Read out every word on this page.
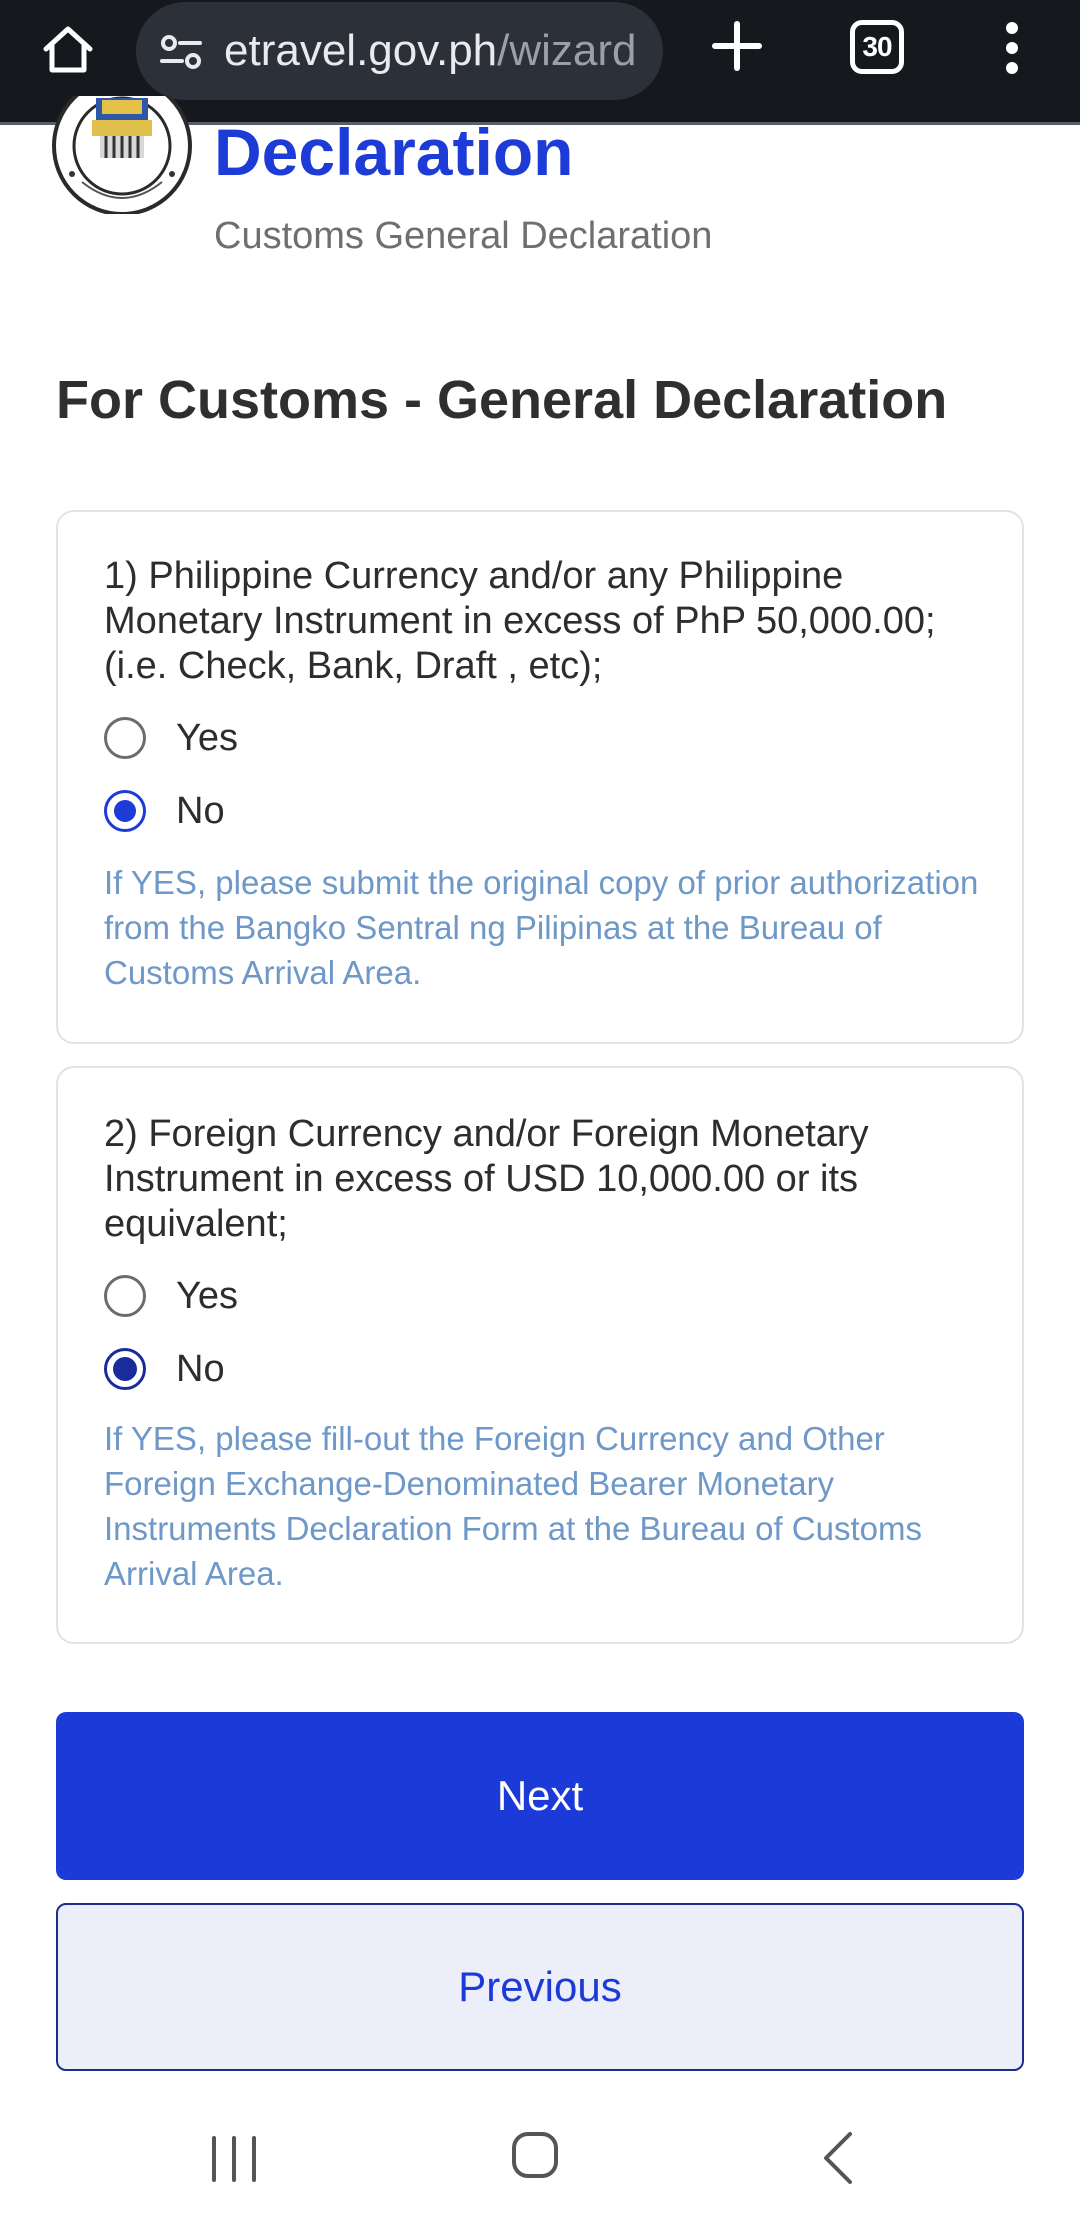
etravel.gov.ph/wizard	30
Declaration
Customs General Declaration
For Customs - General Declaration
1) Philippine Currency and/or any Philippine Monetary Instrument in excess of PhP 50,000.00; (i.e. Check, Bank, Draft , etc);
Yes
No
If YES, please submit the original copy of prior authorization from the Bangko Sentral ng Pilipinas at the Bureau of Customs Arrival Area.
2) Foreign Currency and/or Foreign Monetary Instrument in excess of USD 10,000.00 or its equivalent;
Yes
No
If YES, please fill-out the Foreign Currency and Other Foreign Exchange-Denominated Bearer Monetary Instruments Declaration Form at the Bureau of Customs Arrival Area.
Next
Previous
